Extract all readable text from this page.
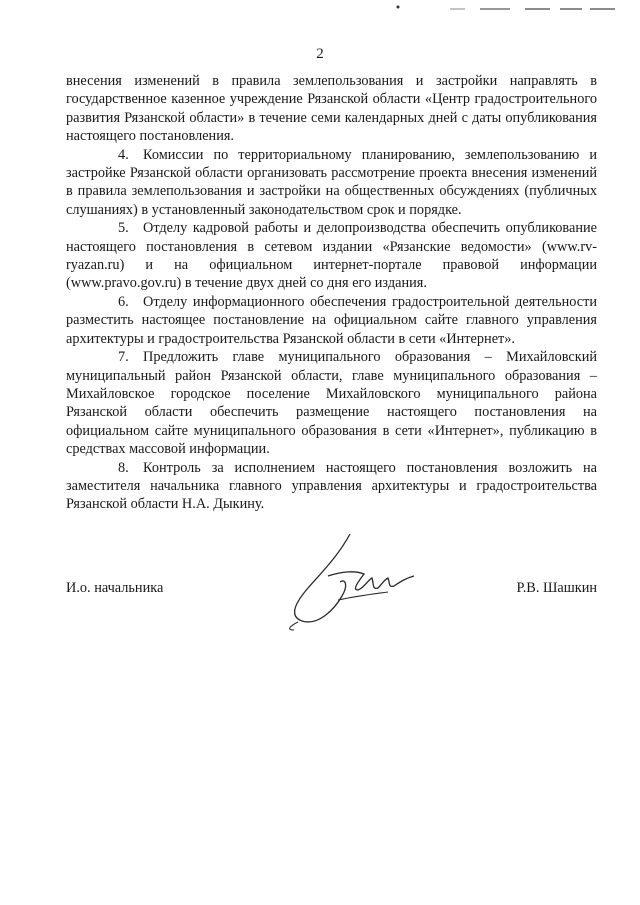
2

внесения изменений в правила землепользования и застройки направлять в государственное казенное учреждение Рязанской области «Центр градостроительного развития Рязанской области» в течение семи календарных дней с даты опубликования настоящего постановления.

4. Комиссии по территориальному планированию, землепользованию и застройке Рязанской области организовать рассмотрение проекта внесения изменений в правила землепользования и застройки на общественных обсуждениях (публичных слушаниях) в установленный законодательством срок и порядке.

5. Отделу кадровой работы и делопроизводства обеспечить опубликование настоящего постановления в сетевом издании «Рязанские ведомости» (www.rv-ryazan.ru) и на официальном интернет-портале правовой информации (www.pravo.gov.ru) в течение двух дней со дня его издания.

6. Отделу информационного обеспечения градостроительной деятельности разместить настоящее постановление на официальном сайте главного управления архитектуры и градостроительства Рязанской области в сети «Интернет».

7. Предложить главе муниципального образования – Михайловский муниципальный район Рязанской области, главе муниципального образования – Михайловское городское поселение Михайловского муниципального района Рязанской области обеспечить размещение настоящего постановления на официальном сайте муниципального образования в сети «Интернет», публикацию в средствах массовой информации.

8. Контроль за исполнением настоящего постановления возложить на заместителя начальника главного управления архитектуры и градостроительства Рязанской области Н.А. Дыкину.

И.о. начальника	Р.В. Шашкин
